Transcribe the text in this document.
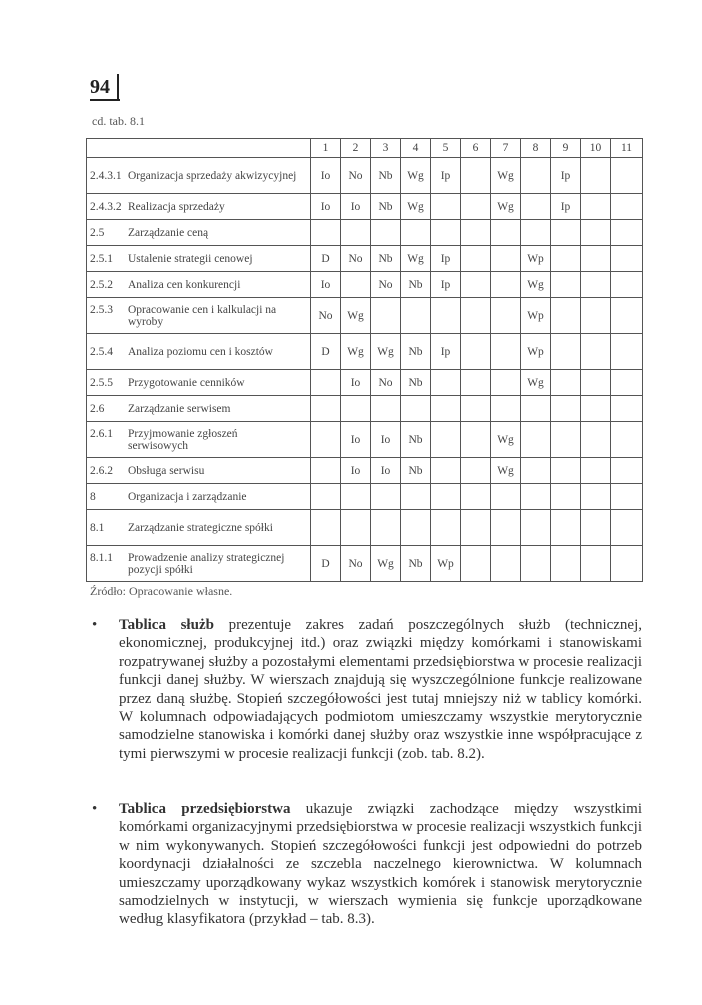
94
cd. tab. 8.1
	1	2	3	4	5	6	7	8	9	10	11
2.4.3.1 Organizacja sprzedaży akwizycyjnej	Io	No	Nb	Wg	Ip		Wg		Ip		
2.4.3.2 Realizacja sprzedaży	Io	Io	Nb	Wg			Wg		Ip		
2.5 Zarządzanie ceną											
2.5.1 Ustalenie strategii cenowej	D	No	Nb	Wg	Ip			Wp			
2.5.2 Analiza cen konkurencji	Io		No	Nb	Ip			Wg			
2.5.3 Opracowanie cen i kalkulacji na wyroby	No	Wg						Wp			
2.5.4 Analiza poziomu cen i kosztów	D	Wg	Wg	Nb	Ip			Wp			
2.5.5 Przygotowanie cenników		Io	No	Nb				Wg			
2.6 Zarządzanie serwisem											
2.6.1 Przyjmowanie zgłoszeń serwisowych		Io	Io	Nb			Wg				
2.6.2 Obsługa serwisu		Io	Io	Nb			Wg				
8 Organizacja i zarządzanie											
8.1 Zarządzanie strategiczne spółki											
8.1.1 Prowadzenie analizy strategicznej pozycji spółki	D	No	Wg	Nb	Wp						
Źródło: Opracowanie własne.
•	Tablica służb prezentuje zakres zadań poszczególnych służb (technicznej, ekonomicznej, produkcyjnej itd.) oraz związki między komórkami i stanowiskami rozpatrywanej służby a pozostałymi elementami przedsiębiorstwa w procesie realizacji funkcji danej służby. W wierszach znajdują się wyszczególnione funkcje realizowane przez daną służbę. Stopień szczegółowości jest tutaj mniejszy niż w tablicy komórki. W kolumnach odpowiadających podmiotom umieszczamy wszystkie merytorycznie samodzielne stanowiska i komórki danej służby oraz wszystkie inne współpracujące z tymi pierwszymi w procesie realizacji funkcji (zob. tab. 8.2).
•	Tablica przedsiębiorstwa ukazuje związki zachodzące między wszystkimi komórkami organizacyjnymi przedsiębiorstwa w procesie realizacji wszystkich funkcji w nim wykonywanych. Stopień szczegółowości funkcji jest odpowiedni do potrzeb koordynacji działalności ze szczebla naczelnego kierownictwa. W kolumnach umieszczamy uporządkowany wykaz wszystkich komórek i stanowisk merytorycznie samodzielnych w instytucji, w wierszach wymienia się funkcje uporządkowane według klasyfikatora (przykład – tab. 8.3).
